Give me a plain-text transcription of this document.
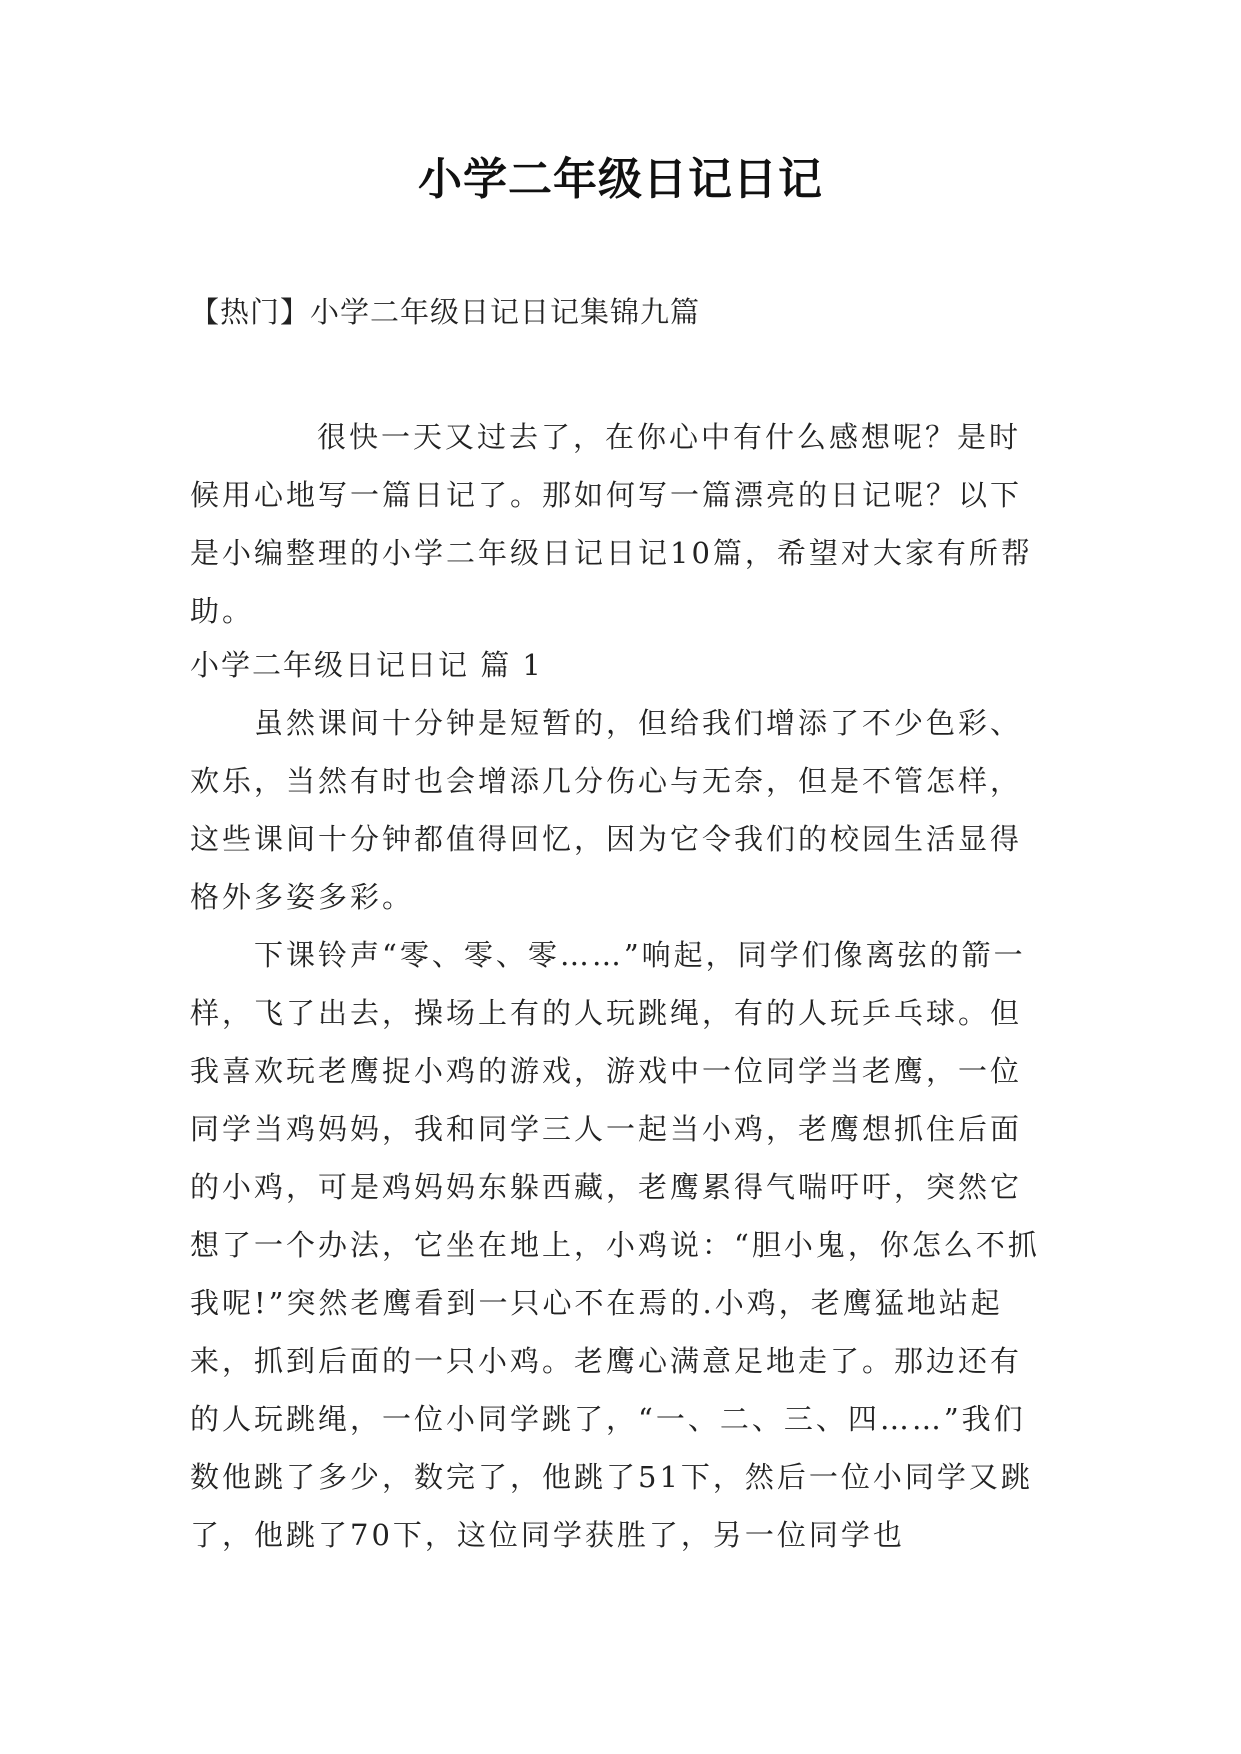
小学二年级日记日记
【热门】小学二年级日记日记集锦九篇

很快一天又过去了，在你心中有什么感想呢？是时候用心地写一篇日记了。那如何写一篇漂亮的日记呢？以下是小编整理的小学二年级日记日记10篇，希望对大家有所帮助。

小学二年级日记日记 篇 1

虽然课间十分钟是短暂的，但给我们增添了不少色彩、欢乐，当然有时也会增添几分伤心与无奈，但是不管怎样，这些课间十分钟都值得回忆，因为它令我们的校园生活显得格外多姿多彩。

下课铃声“零、零、零……”响起，同学们像离弦的箭一样，飞了出去，操场上有的人玩跳绳，有的人玩乒乓球。但我喜欢玩老鹰捉小鸡的游戏，游戏中一位同学当老鹰，一位同学当鸡妈妈，我和同学三人一起当小鸡，老鹰想抓住后面的小鸡，可是鸡妈妈东躲西藏，老鹰累得气喘吁吁，突然它想了一个办法，它坐在地上，小鸡说：“胆小鬼，你怎么不抓我呢!”突然老鹰看到一只心不在焉的.小鸡，老鹰猛地站起来，抓到后面的一只小鸡。老鹰心满意足地走了。那边还有的人玩跳绳，一位小同学跳了，“一、二、三、四……”我们数他跳了多少，数完了，他跳了51下，然后一位小同学又跳了，他跳了70下，这位同学获胜了，另一位同学也
